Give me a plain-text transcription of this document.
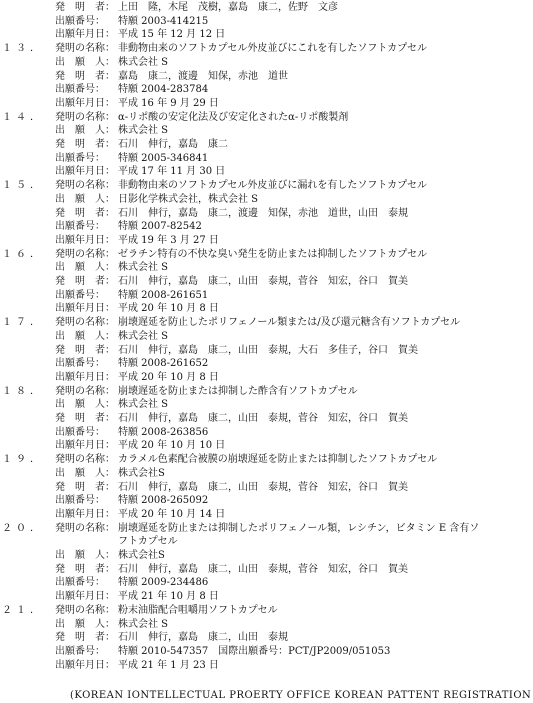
発　明　者： 上田　隆，木尾　茂樹，嘉島　康二，佐野　文彦
出願番号： 特願 2003-414215
出願年月日： 平成 15 年 12 月 12 日
１３． 発明の名称： 非動物由来のソフトカプセル外皮並びにこれを有したソフトカプセル
出　願　人： 株式会社 S
発　明　者： 嘉島　康二，渡邊　知保，赤池　道世
出願番号： 特願 2004-283784
出願年月日： 平成 16 年 9 月 29 日
１４． 発明の名称： α-リポ酸の安定化法及び安定化されたα-リポ酸製剤
出　願　人： 株式会社 S
発　明　者： 石川　伸行，嘉島　康二
出願番号： 特願 2005-346841
出願年月日： 平成 17 年 11 月 30 日
１５． 発明の名称： 非動物由来のソフトカプセル外皮並びに漏れを有したソフトカプセル
出　願　人： 日影化学株式会社，株式会社 S
発　明　者： 石川　伸行，嘉島　康二，渡邊　知保，赤池　道世，山田　泰規
出願番号： 特願 2007-82542
出願年月日： 平成 19 年 3 月 27 日
１６． 発明の名称： ゼラチン特有の不快な臭い発生を防止または抑制したソフトカプセル
出　願　人： 株式会社 S
発　明　者： 石川　伸行，嘉島　康二，山田　泰規，菅谷　知宏，谷口　賀美
出願番号： 特願 2008-261651
出願年月日： 平成 20 年 10 月 8 日
１７． 発明の名称： 崩壊遅延を防止したポリフェノール類または/及び還元糖含有ソフトカプセル
出　願　人： 株式会社 S
発　明　者： 石川　伸行，嘉島　康二，山田　泰規，大石　多佳子，谷口　賀美
出願番号： 特願 2008-261652
出願年月日： 平成 20 年 10 月 8 日
１８． 発明の名称： 崩壊遅延を防止または抑制した酢含有ソフトカプセル
出　願　人： 株式会社 S
発　明　者： 石川　伸行，嘉島　康二，山田　泰規，菅谷　知宏，谷口　賀美
出願番号： 特願 2008-263856
出願年月日： 平成 20 年 10 月 10 日
１９． 発明の名称： カラメル色素配合被膜の崩壊遅延を防止または抑制したソフトカプセル
出　願　人： 株式会社S
発　明　者： 石川　伸行，嘉島　康二，山田　泰規，菅谷　知宏，谷口　賀美
出願番号： 特願 2008-265092
出願年月日： 平成 20 年 10 月 14 日
２０． 発明の名称： 崩壊遅延を防止または抑制したポリフェノール類，レシチン，ビタミン E 含有ソ
フトカプセル
出　願　人： 株式会社S
発　明　者： 石川　伸行，嘉島　康二，山田　泰規，菅谷　知宏，谷口　賀美
出願番号： 特願 2009-234486
出願年月日： 平成 21 年 10 月 8 日
２１． 発明の名称： 粉末油脂配合咀嚼用ソフトカプセル
出　願　人： 株式会社 S
発　明　者： 石川　伸行，嘉島　康二，山田　泰規
出願番号： 特願 2010-547357　国際出願番号：PCT/JP2009/051053
出願年月日： 平成 21 年 1 月 23 日
(KOREAN IONTELLECTUAL PROERTY OFFICE KOREAN PATTENT REGISTRATION
